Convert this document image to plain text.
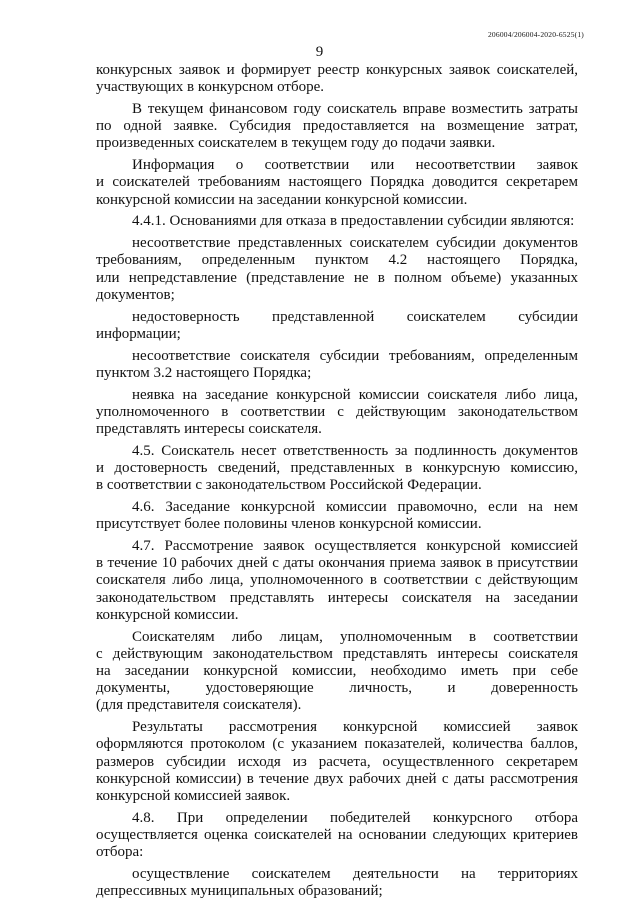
206004/206004-2020-6525(1)
9
конкурсных заявок и формирует реестр конкурсных заявок соискателей,
участвующих в конкурсном отборе.
В текущем финансовом году соискатель вправе возместить затраты
по одной заявке. Субсидия предоставляется на возмещение затрат,
произведенных соискателем в текущем году до подачи заявки.
Информация о соответствии или несоответствии заявок
и соискателей требованиям настоящего Порядка доводится секретарем
конкурсной комиссии на заседании конкурсной комиссии.
4.4.1. Основаниями для отказа в предоставлении субсидии являются:
несоответствие представленных соискателем субсидии документов
требованиям, определенным пунктом 4.2 настоящего Порядка,
или непредставление (представление не в полном объеме) указанных
документов;
недостоверность представленной соискателем субсидии
информации;
несоответствие соискателя субсидии требованиям, определенным
пунктом 3.2 настоящего Порядка;
неявка на заседание конкурсной комиссии соискателя либо лица,
уполномоченного в соответствии с действующим законодательством
представлять интересы соискателя.
4.5. Соискатель несет ответственность за подлинность документов
и достоверность сведений, представленных в конкурсную комиссию,
в соответствии с законодательством Российской Федерации.
4.6. Заседание конкурсной комиссии правомочно, если на нем
присутствует более половины членов конкурсной комиссии.
4.7. Рассмотрение заявок осуществляется конкурсной комиссией
в течение 10 рабочих дней с даты окончания приема заявок в присутствии
соискателя либо лица, уполномоченного в соответствии с действующим
законодательством представлять интересы соискателя на заседании
конкурсной комиссии.
Соискателям либо лицам, уполномоченным в соответствии
с действующим законодательством представлять интересы соискателя
на заседании конкурсной комиссии, необходимо иметь при себе
документы, удостоверяющие личность, и доверенность
(для представителя соискателя).
Результаты рассмотрения конкурсной комиссией заявок
оформляются протоколом (с указанием показателей, количества баллов,
размеров субсидии исходя из расчета, осуществленного секретарем
конкурсной комиссии) в течение двух рабочих дней с даты рассмотрения
конкурсной комиссией заявок.
4.8. При определении победителей конкурсного отбора
осуществляется оценка соискателей на основании следующих критериев
отбора:
осуществление соискателем деятельности на территориях
депрессивных муниципальных образований;
